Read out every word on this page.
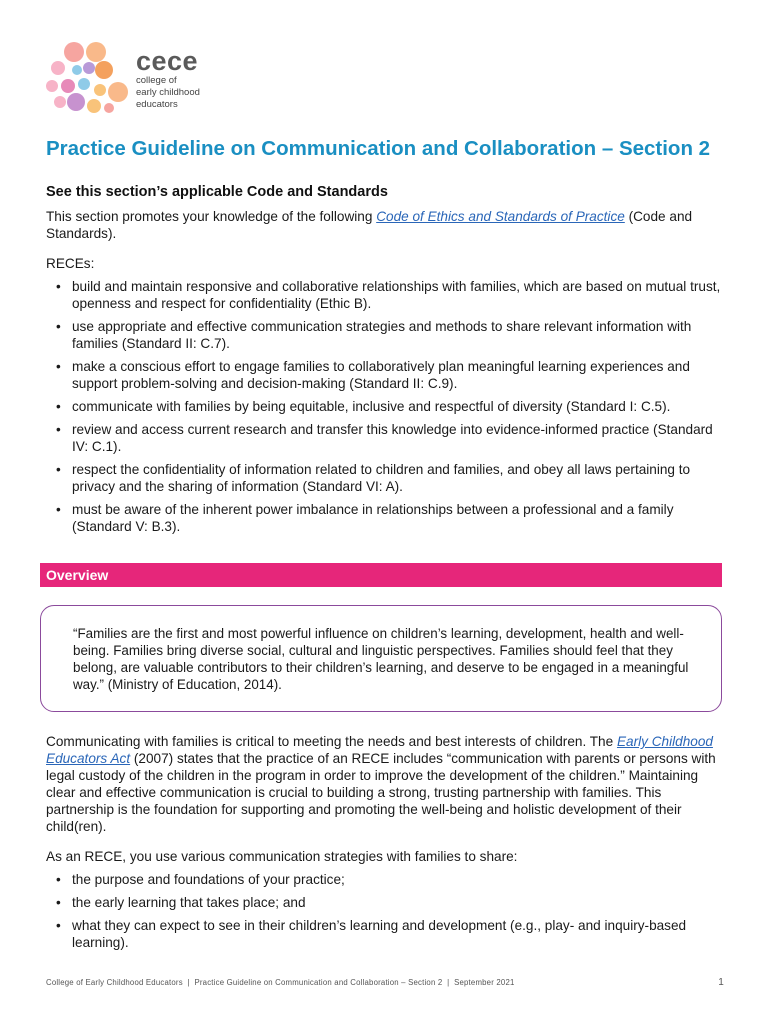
cece
college of
early childhood
educators
Practice Guideline on Communication and Collaboration – Section 2
See this section’s applicable Code and Standards

This section promotes your knowledge of the following Code of Ethics and Standards of Practice (Code and Standards).

RECEs:

• build and maintain responsive and collaborative relationships with families, which are based on mutual trust, openness and respect for confidentiality (Ethic B).
• use appropriate and effective communication strategies and methods to share relevant information with families (Standard II: C.7).
• make a conscious effort to engage families to collaboratively plan meaningful learning experiences and support problem-solving and decision-making (Standard II: C.9).
• communicate with families by being equitable, inclusive and respectful of diversity (Standard I: C.5).
• review and access current research and transfer this knowledge into evidence-informed practice (Standard IV: C.1).
• respect the confidentiality of information related to children and families, and obey all laws pertaining to privacy and the sharing of information (Standard VI: A).
• must be aware of the inherent power imbalance in relationships between a professional and a family (Standard V: B.3).
Overview
“Families are the first and most powerful influence on children’s learning, development, health and well-being. Families bring diverse social, cultural and linguistic perspectives. Families should feel that they belong, are valuable contributors to their children’s learning, and deserve to be engaged in a meaningful way.” (Ministry of Education, 2014).

Communicating with families is critical to meeting the needs and best interests of children. The Early Childhood Educators Act (2007) states that the practice of an RECE includes “communication with parents or persons with legal custody of the children in the program in order to improve the development of the children.” Maintaining clear and effective communication is crucial to building a strong, trusting partnership with families. This partnership is the foundation for supporting and promoting the well-being and holistic development of their child(ren).

As an RECE, you use various communication strategies with families to share:

• the purpose and foundations of your practice;
• the early learning that takes place; and
• what they can expect to see in their children’s learning and development (e.g., play- and inquiry-based learning).
College of Early Childhood Educators  |  Practice Guideline on Communication and Collaboration – Section 2  |  September 2021	1
